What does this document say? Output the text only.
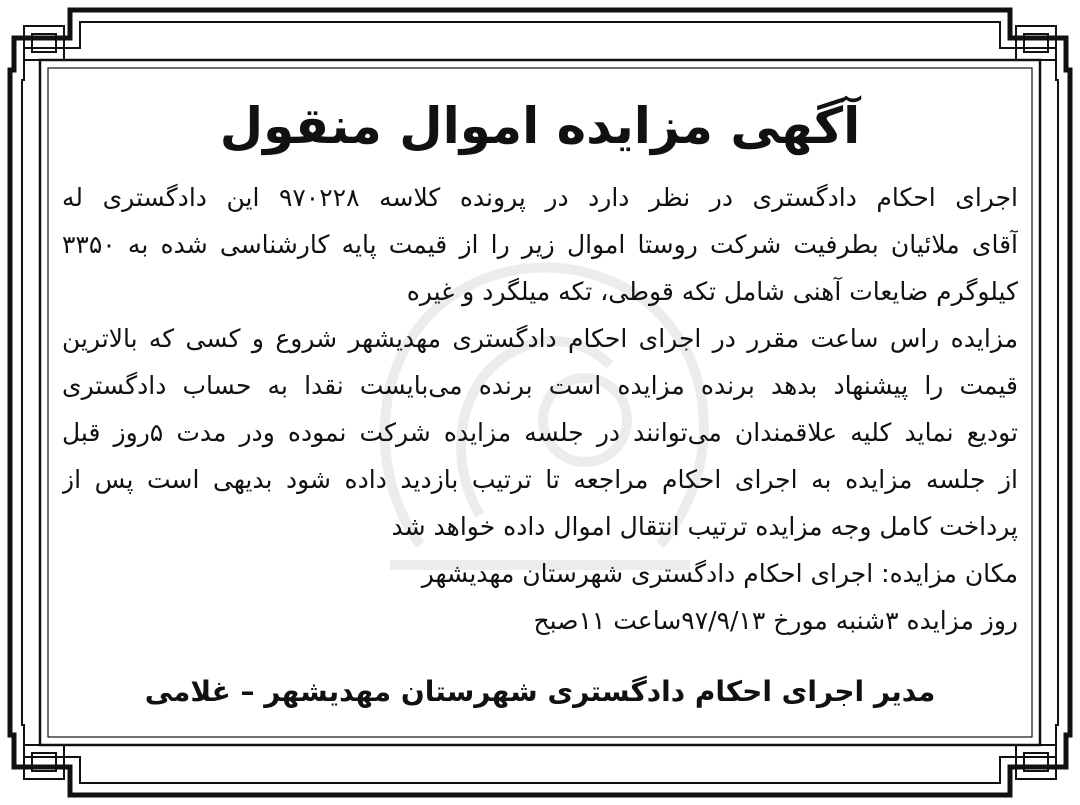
آگهی مزایده اموال منقول
اجرای احکام دادگستری در نظر دارد در پرونده کلاسه ۹۷۰۲۲۸ این دادگستری له
آقای ملائیان بطرفیت شرکت روستا اموال زیر را از قیمت پایه کارشناسی شده به ۳۳۵۰
کیلوگرم ضایعات آهنی شامل تکه قوطی، تکه میلگرد و غیره
مزایده راس ساعت مقرر در اجرای احکام دادگستری مهدیشهر شروع و کسی که بالاترین
قیمت را پیشنهاد بدهد برنده مزایده است برنده می‌بایست نقدا به حساب دادگستری
تودیع نماید کلیه علاقمندان می‌توانند در جلسه مزایده شرکت نموده ودر مدت ۵روز قبل
از جلسه مزایده به اجرای احکام مراجعه تا ترتیب بازدید داده شود بدیهی است پس از
پرداخت کامل وجه مزایده ترتیب انتقال اموال داده خواهد شد
مکان مزایده: اجرای احکام دادگستری شهرستان مهدیشهر
روز مزایده ۳شنبه مورخ ۹۷/۹/۱۳ساعت ۱۱صبح
مدیر اجرای احکام دادگستری شهرستان مهدیشهر – غلامی
